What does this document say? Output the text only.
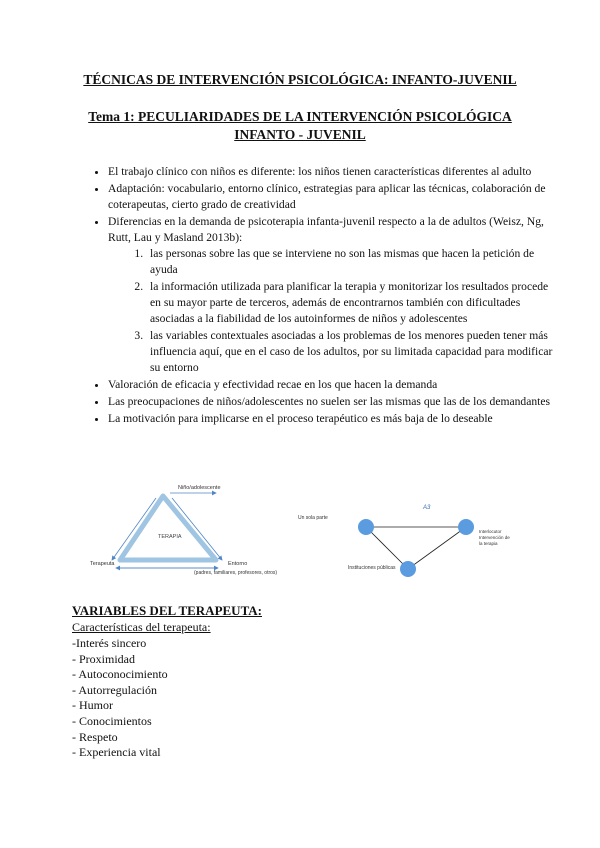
TÉCNICAS DE INTERVENCIÓN PSICOLÓGICA: INFANTO-JUVENIL
Tema 1: PECULIARIDADES DE LA INTERVENCIÓN PSICOLÓGICA
INFANTO - JUVENIL
• El trabajo clínico con niños es diferente: los niños tienen características diferentes al adulto
• Adaptación: vocabulario, entorno clínico, estrategias para aplicar las técnicas, colaboración de coterapeutas, cierto grado de creatividad
• Diferencias en la demanda de psicoterapia infanta-juvenil respecto a la de adultos (Weisz, Ng, Rutt, Lau y Masland 2013b):
1. las personas sobre las que se interviene no son las mismas que hacen la petición de ayuda
2. la información utilizada para planificar la terapia y monitorizar los resultados procede en su mayor parte de terceros, además de encontrarnos también con dificultades asociadas a la fiabilidad de los autoinformes de niños y adolescentes
3. las variables contextuales asociadas a los problemas de los menores pueden tener más influencia aquí, que en el caso de los adultos, por su limitada capacidad para modificar su entorno
• Valoración de eficacia y efectividad recae en los que hacen la demanda
• Las preocupaciones de niños/adolescentes no suelen ser las mismas que las de los demandantes
• La motivación para implicarse en el proceso terapéutico es más baja de lo deseable
Niño/adolescente
TERAPIA
Terapeuta	Entorno
(padres, familiares, profesores, otros)
A3
Un sola parte
Interlocutor
Intervención de
la terapia
Instituciones públicas
VARIABLES DEL TERAPEUTA:
Características del terapeuta:
-Interés sincero
- Proximidad
- Autoconocimiento
- Autorregulación
- Humor
- Conocimientos
- Respeto
- Experiencia vital
